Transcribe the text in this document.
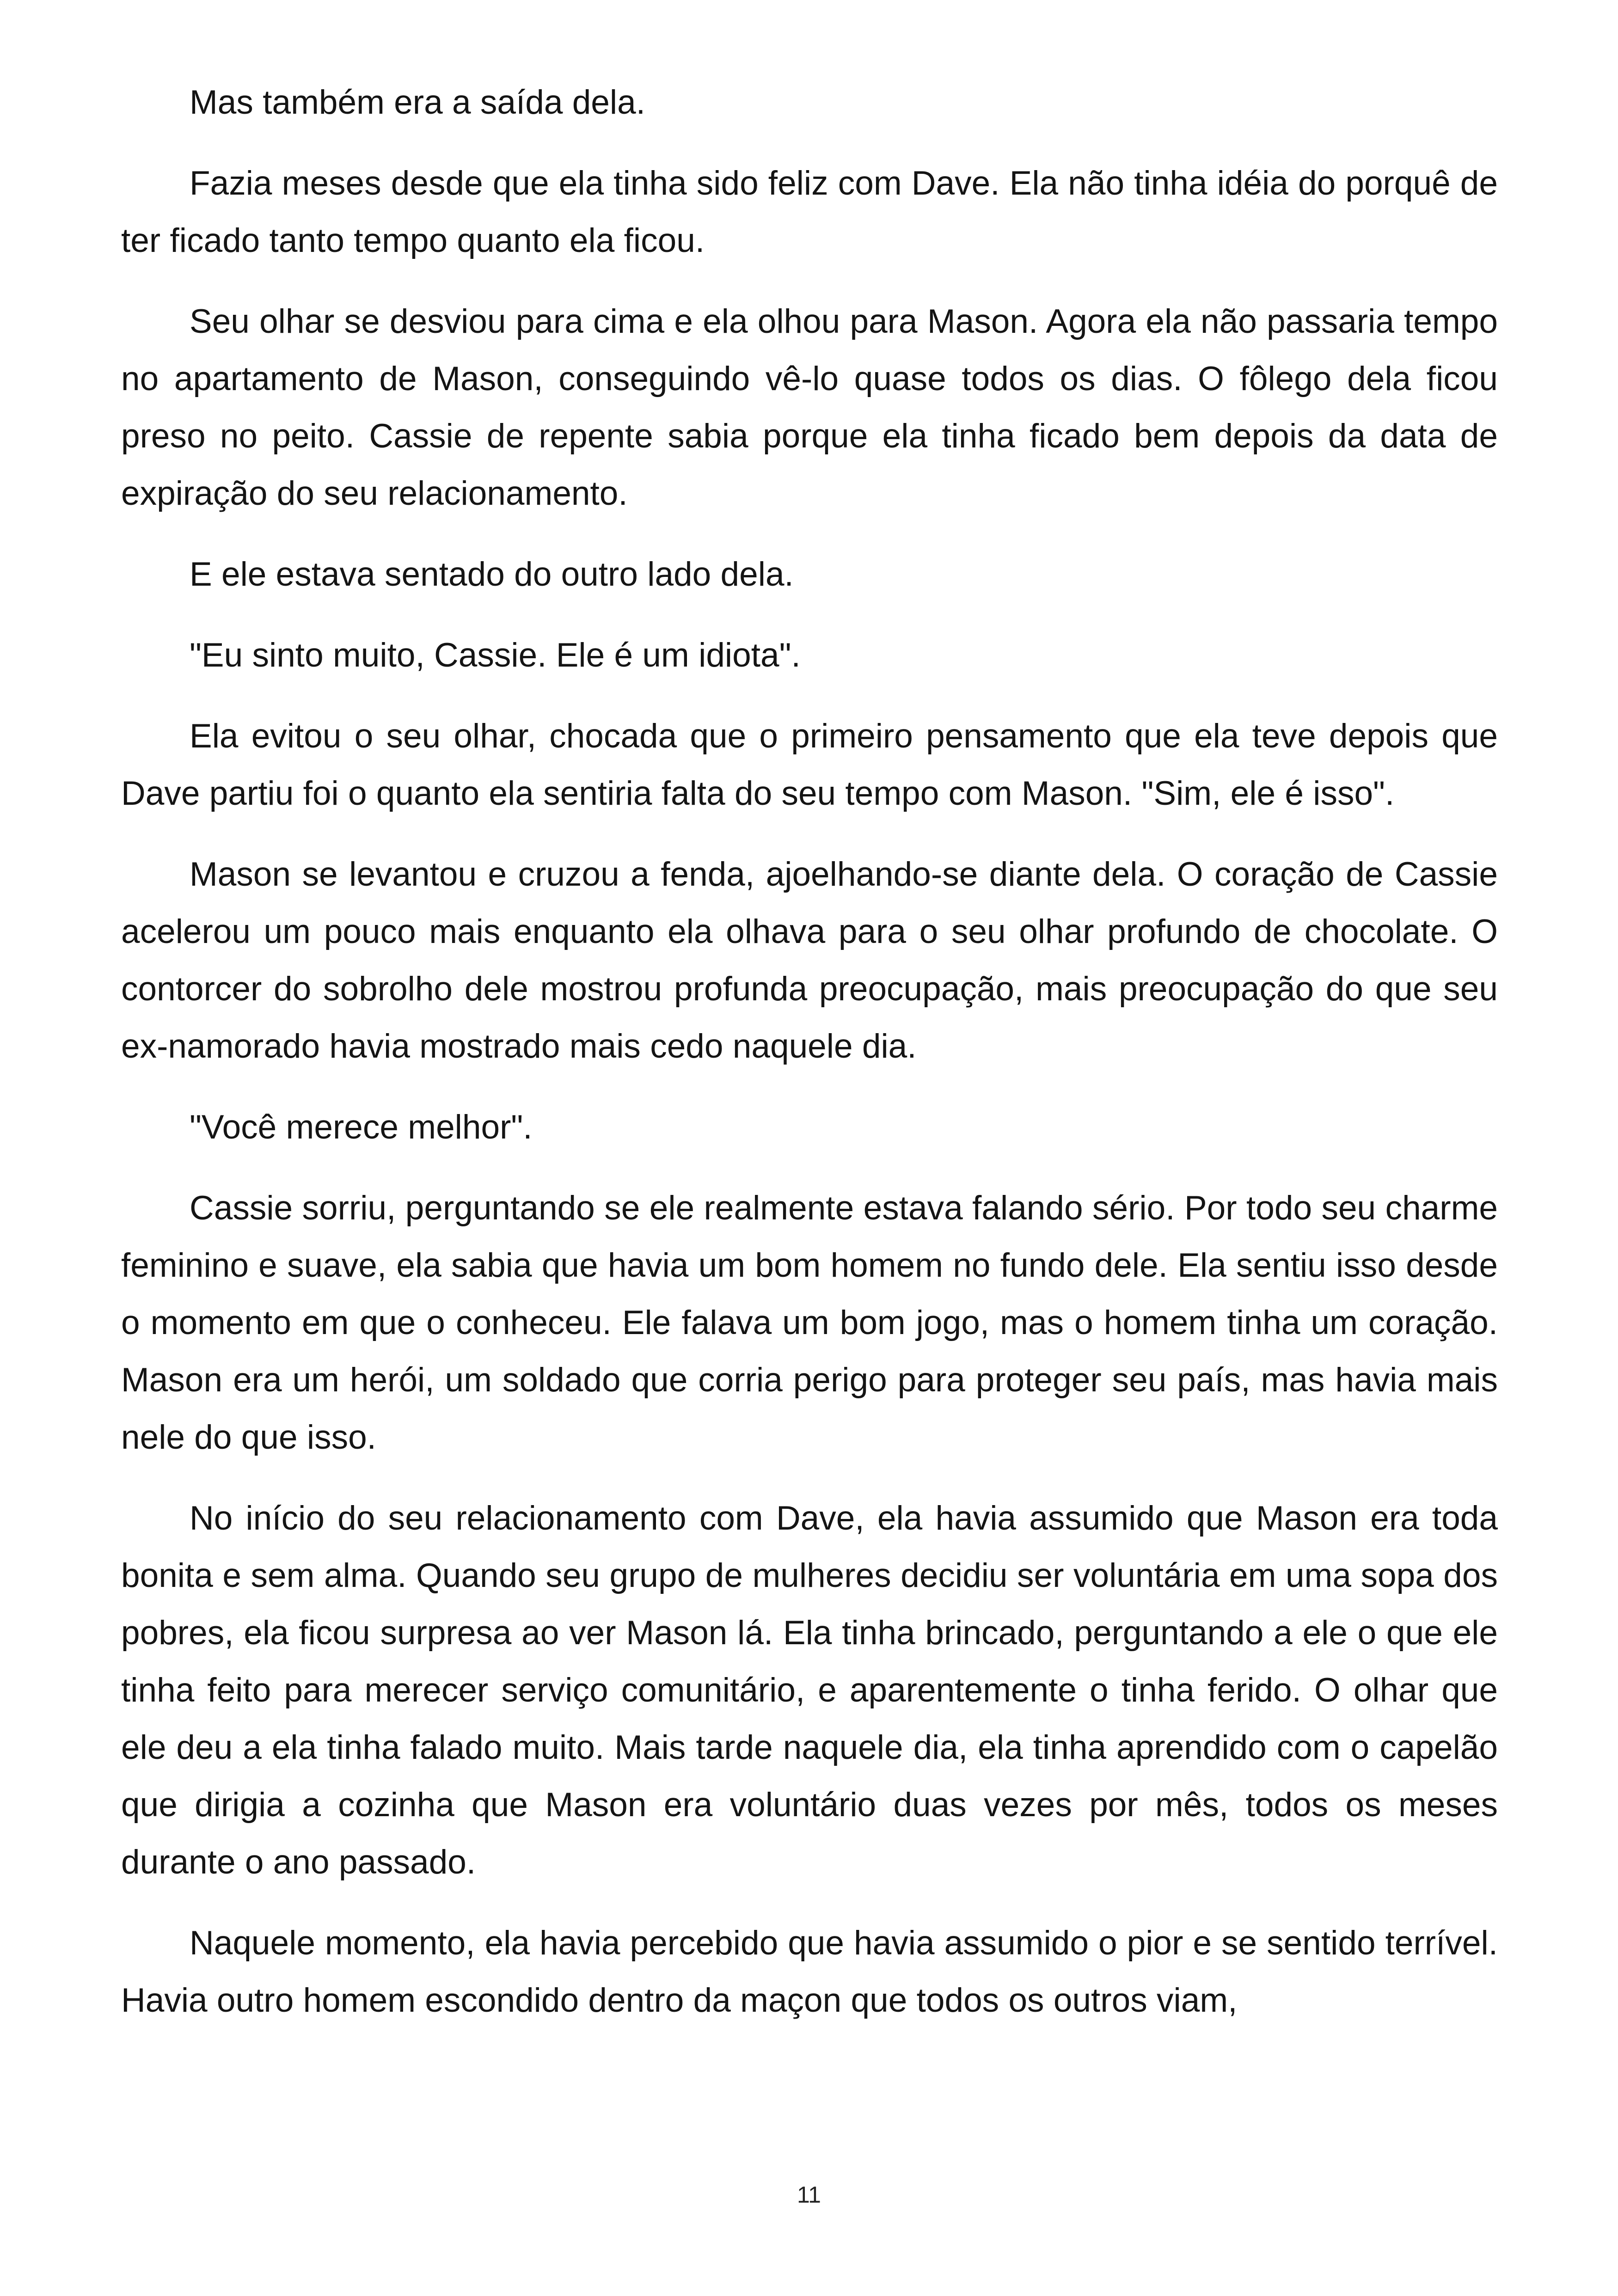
Mas também era a saída dela.

Fazia meses desde que ela tinha sido feliz com Dave. Ela não tinha idéia do porquê de ter ficado tanto tempo quanto ela ficou.

Seu olhar se desviou para cima e ela olhou para Mason. Agora ela não passaria tempo no apartamento de Mason, conseguindo vê-lo quase todos os dias. O fôlego dela ficou preso no peito. Cassie de repente sabia porque ela tinha ficado bem depois da data de expiração do seu relacionamento.

E ele estava sentado do outro lado dela.

"Eu sinto muito, Cassie. Ele é um idiota".

Ela evitou o seu olhar, chocada que o primeiro pensamento que ela teve depois que Dave partiu foi o quanto ela sentiria falta do seu tempo com Mason. "Sim, ele é isso".

Mason se levantou e cruzou a fenda, ajoelhando-se diante dela. O coração de Cassie acelerou um pouco mais enquanto ela olhava para o seu olhar profundo de chocolate. O contorcer do sobrolho dele mostrou profunda preocupação, mais preocupação do que seu ex-namorado havia mostrado mais cedo naquele dia.

"Você merece melhor".

Cassie sorriu, perguntando se ele realmente estava falando sério. Por todo seu charme feminino e suave, ela sabia que havia um bom homem no fundo dele. Ela sentiu isso desde o momento em que o conheceu. Ele falava um bom jogo, mas o homem tinha um coração. Mason era um herói, um soldado que corria perigo para proteger seu país, mas havia mais nele do que isso.

No início do seu relacionamento com Dave, ela havia assumido que Mason era toda bonita e sem alma. Quando seu grupo de mulheres decidiu ser voluntária em uma sopa dos pobres, ela ficou surpresa ao ver Mason lá. Ela tinha brincado, perguntando a ele o que ele tinha feito para merecer serviço comunitário, e aparentemente o tinha ferido. O olhar que ele deu a ela tinha falado muito. Mais tarde naquele dia, ela tinha aprendido com o capelão que dirigia a cozinha que Mason era voluntário duas vezes por mês, todos os meses durante o ano passado.

Naquele momento, ela havia percebido que havia assumido o pior e se sentido terrível. Havia outro homem escondido dentro da maçon que todos os outros viam,

11
